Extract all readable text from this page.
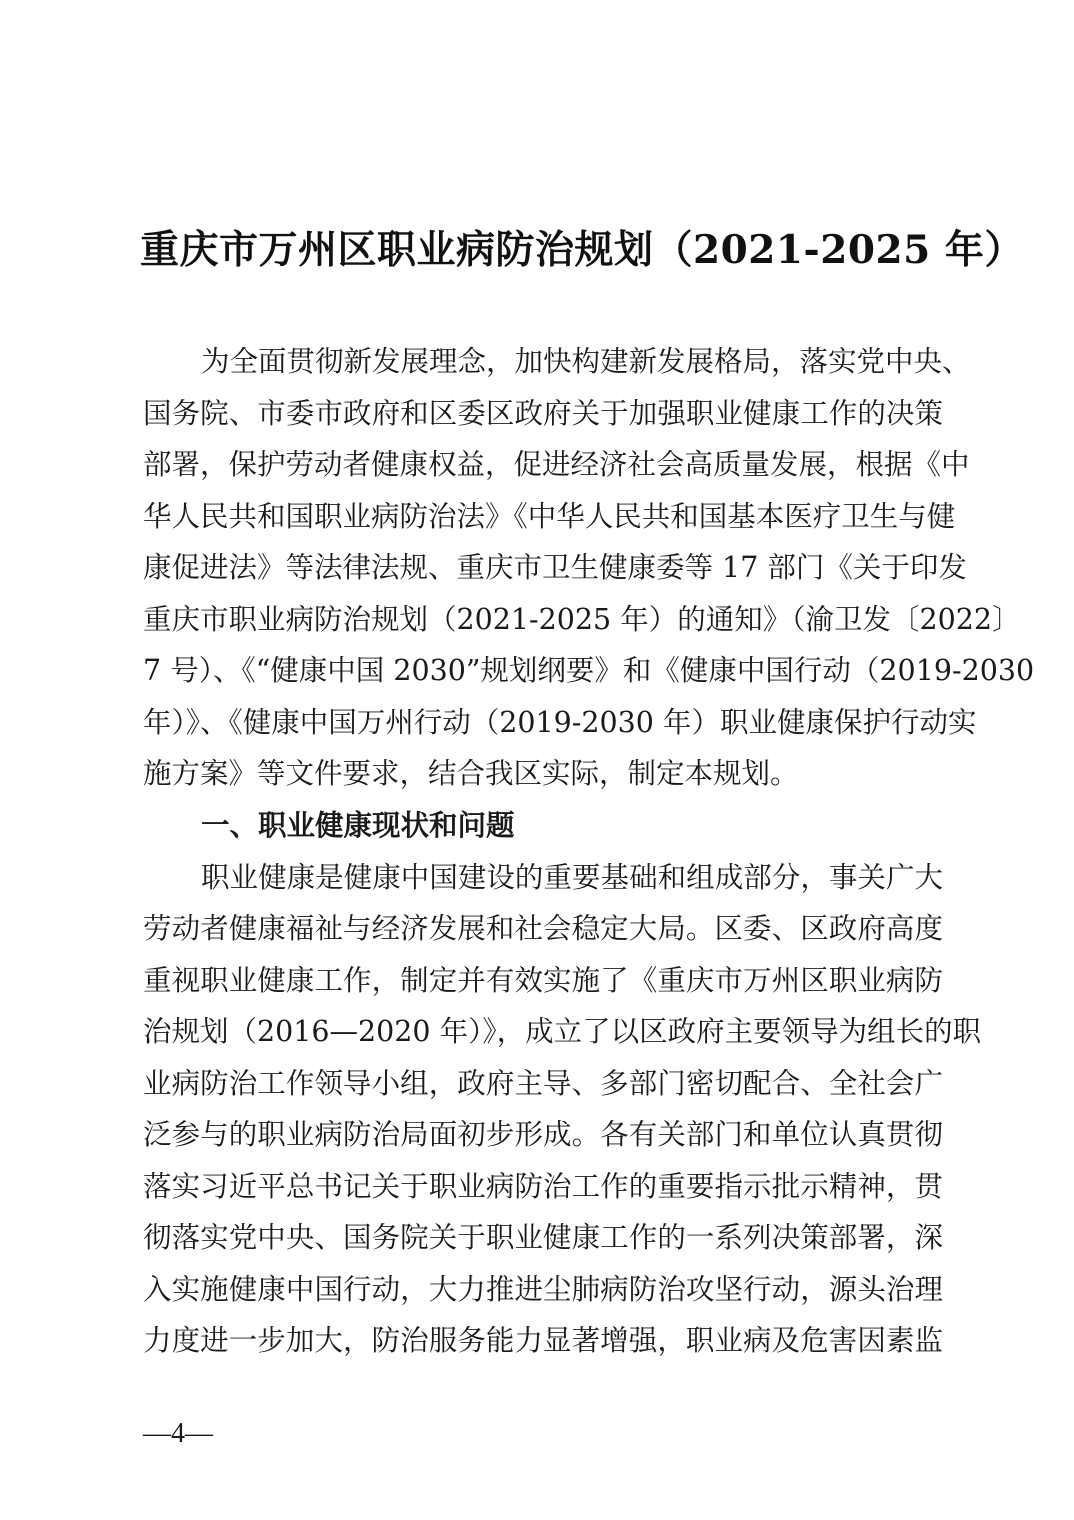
重庆市万州区职业病防治规划（2021-2025 年）
为全面贯彻新发展理念，加快构建新发展格局，落实党中央、
国务院、市委市政府和区委区政府关于加强职业健康工作的决策
部署，保护劳动者健康权益，促进经济社会高质量发展，根据《中
华人民共和国职业病防治法》《中华人民共和国基本医疗卫生与健
康促进法》等法律法规、重庆市卫生健康委等 17 部门《关于印发
重庆市职业病防治规划（2021-2025 年）的通知》（渝卫发〔2022〕
7 号）、《“健康中国 2030”规划纲要》和《健康中国行动（2019-2030
年）》、《健康中国万州行动（2019-2030 年）职业健康保护行动实
施方案》等文件要求，结合我区实际，制定本规划。
一、职业健康现状和问题
职业健康是健康中国建设的重要基础和组成部分，事关广大
劳动者健康福祉与经济发展和社会稳定大局。区委、区政府高度
重视职业健康工作，制定并有效实施了《重庆市万州区职业病防
治规划（2016—2020 年）》，成立了以区政府主要领导为组长的职
业病防治工作领导小组，政府主导、多部门密切配合、全社会广
泛参与的职业病防治局面初步形成。各有关部门和单位认真贯彻
落实习近平总书记关于职业病防治工作的重要指示批示精神，贯
彻落实党中央、国务院关于职业健康工作的一系列决策部署，深
入实施健康中国行动，大力推进尘肺病防治攻坚行动，源头治理
力度进一步加大，防治服务能力显著增强，职业病及危害因素监
—4—
